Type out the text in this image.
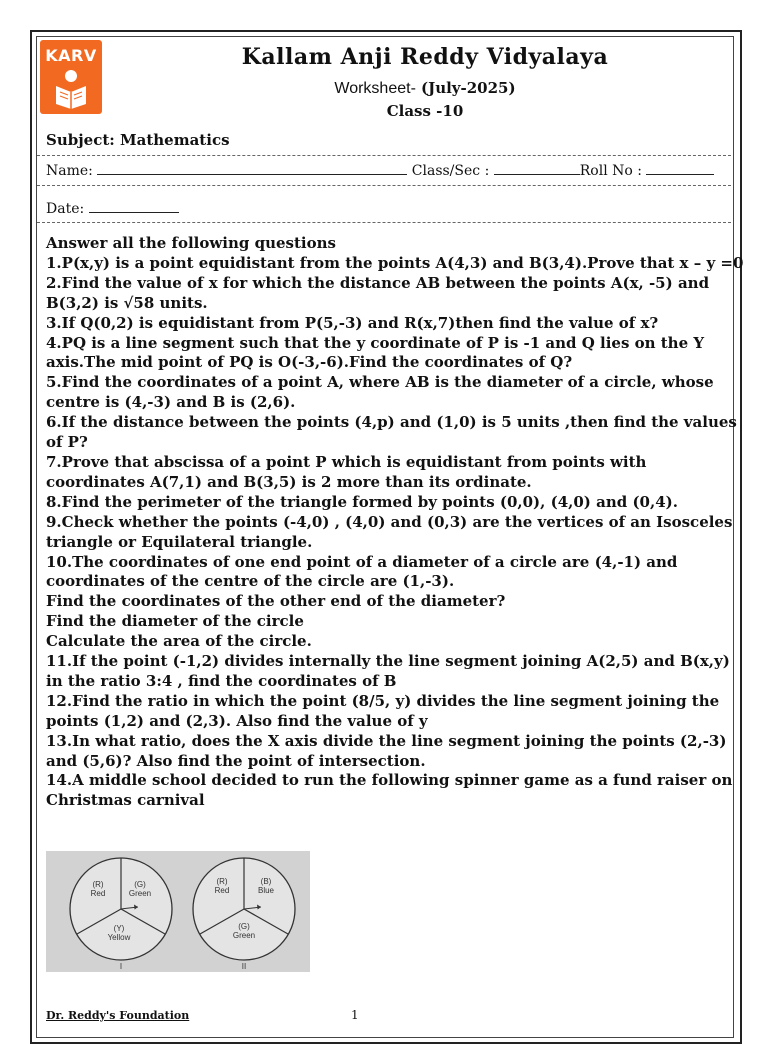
KARV	Kallam Anji Reddy Vidyalaya
Worksheet- (July-2025)
Class -10
Subject: Mathematics
Name:	Class/Sec :	Roll No :
Date:
Answer all the following questions
1.P(x,y) is a point equidistant from the points A(4,3) and B(3,4).Prove that x – y =0
2.Find the value of x for which the distance AB between the points A(x, -5) and
B(3,2) is √58 units.
3.If Q(0,2) is equidistant from P(5,-3) and R(x,7)then find the value of x?
4.PQ is a line segment such that the y coordinate of P is -1 and Q lies on the Y
axis.The mid point of PQ is O(-3,-6).Find the coordinates of Q?
5.Find the coordinates of a point A, where AB is the diameter of a circle, whose
centre is (4,-3) and B is (2,6).
6.If the distance between the points (4,p) and (1,0) is 5 units ,then find the values
of P?
7.Prove that abscissa of a point P which is equidistant from points with
coordinates A(7,1) and B(3,5) is 2 more than its ordinate.
8.Find the perimeter of the triangle formed by points (0,0), (4,0) and (0,4).
9.Check whether the points (-4,0) , (4,0) and (0,3) are the vertices of an Isosceles
triangle or Equilateral triangle.
10.The coordinates of one end point of a diameter of a circle are (4,-1) and
coordinates of the centre of the circle are (1,-3).
Find the coordinates of the other end of the diameter?
Find the diameter of the circle
Calculate the area of the circle.
11.If the point (-1,2) divides internally the line segment joining A(2,5) and B(x,y)
in the ratio 3:4 , find the coordinates of B
12.Find the ratio in which the point (8/5, y) divides the line segment joining the
points (1,2) and (2,3). Also find the value of y
13.In what ratio, does the X axis divide the line segment joining the points (2,-3)
and (5,6)? Also find the point of intersection.
14.A middle school decided to run the following spinner game as a fund raiser on
Christmas carnival
(R)
Red
(G)
Green
(Y)
Yellow
I
(R)
Red
(B)
Blue
(G)
Green
II
Dr. Reddy's Foundation	1
